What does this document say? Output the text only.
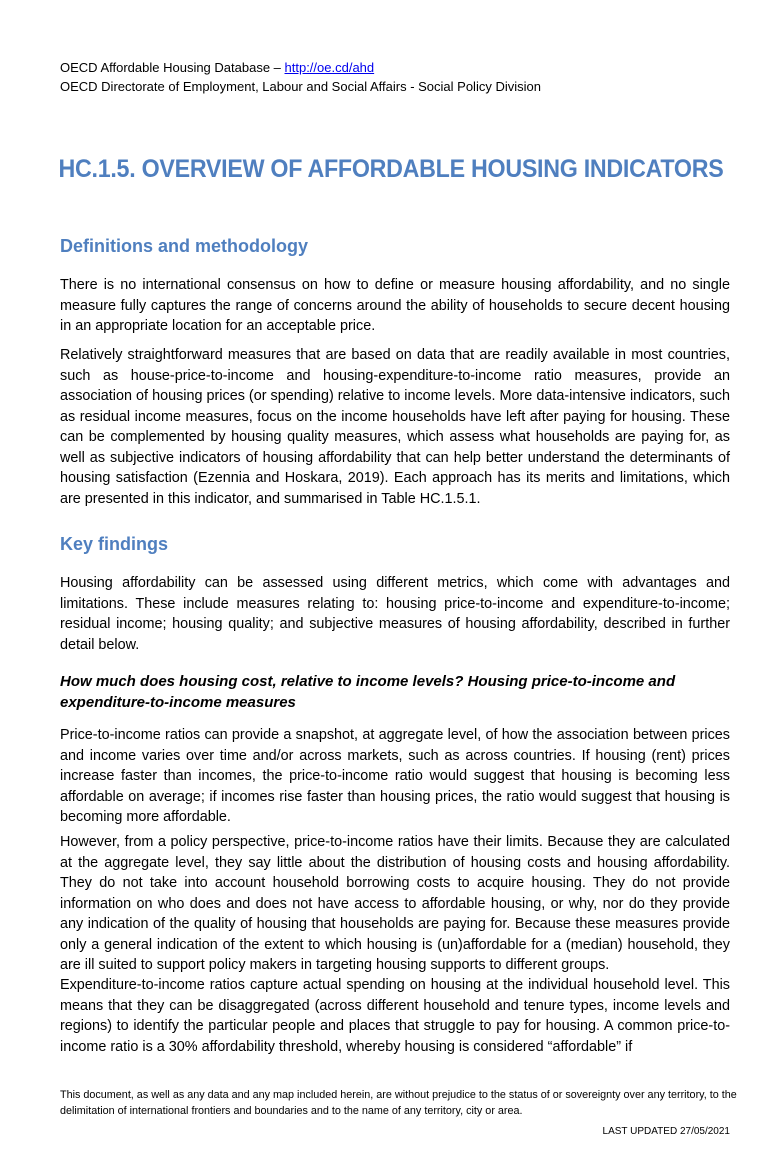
OECD Affordable Housing Database – http://oe.cd/ahd
OECD Directorate of Employment, Labour and Social Affairs - Social Policy Division
HC.1.5. OVERVIEW OF AFFORDABLE HOUSING INDICATORS
Definitions and methodology

There is no international consensus on how to define or measure housing affordability, and no single measure fully captures the range of concerns around the ability of households to secure decent housing in an appropriate location for an acceptable price.

Relatively straightforward measures that are based on data that are readily available in most countries, such as house-price-to-income and housing-expenditure-to-income ratio measures, provide an association of housing prices (or spending) relative to income levels. More data-intensive indicators, such as residual income measures, focus on the income households have left after paying for housing. These can be complemented by housing quality measures, which assess what households are paying for, as well as subjective indicators of housing affordability that can help better understand the determinants of housing satisfaction (Ezennia and Hoskara, 2019). Each approach has its merits and limitations, which are presented in this indicator, and summarised in Table HC.1.5.1.

Key findings

Housing affordability can be assessed using different metrics, which come with advantages and limitations. These include measures relating to: housing price-to-income and expenditure-to-income; residual income; housing quality; and subjective measures of housing affordability, described in further detail below.

How much does housing cost, relative to income levels? Housing price-to-income and expenditure-to-income measures

Price-to-income ratios can provide a snapshot, at aggregate level, of how the association between prices and income varies over time and/or across markets, such as across countries. If housing (rent) prices increase faster than incomes, the price-to-income ratio would suggest that housing is becoming less affordable on average; if incomes rise faster than housing prices, the ratio would suggest that housing is becoming more affordable.

However, from a policy perspective, price-to-income ratios have their limits. Because they are calculated at the aggregate level, they say little about the distribution of housing costs and housing affordability. They do not take into account household borrowing costs to acquire housing. They do not provide information on who does and does not have access to affordable housing, or why, nor do they provide any indication of the quality of housing that households are paying for. Because these measures provide only a general indication of the extent to which housing is (un)affordable for a (median) household, they are ill suited to support policy makers in targeting housing supports to different groups.

Expenditure-to-income ratios capture actual spending on housing at the individual household level. This means that they can be disaggregated (across different household and tenure types, income levels and regions) to identify the particular people and places that struggle to pay for housing. A common price-to-income ratio is a 30% affordability threshold, whereby housing is considered “affordable” if

This document, as well as any data and any map included herein, are without prejudice to the status of or sovereignty over any territory, to the delimitation of international frontiers and boundaries and to the name of any territory, city or area.

LAST UPDATED 27/05/2021
